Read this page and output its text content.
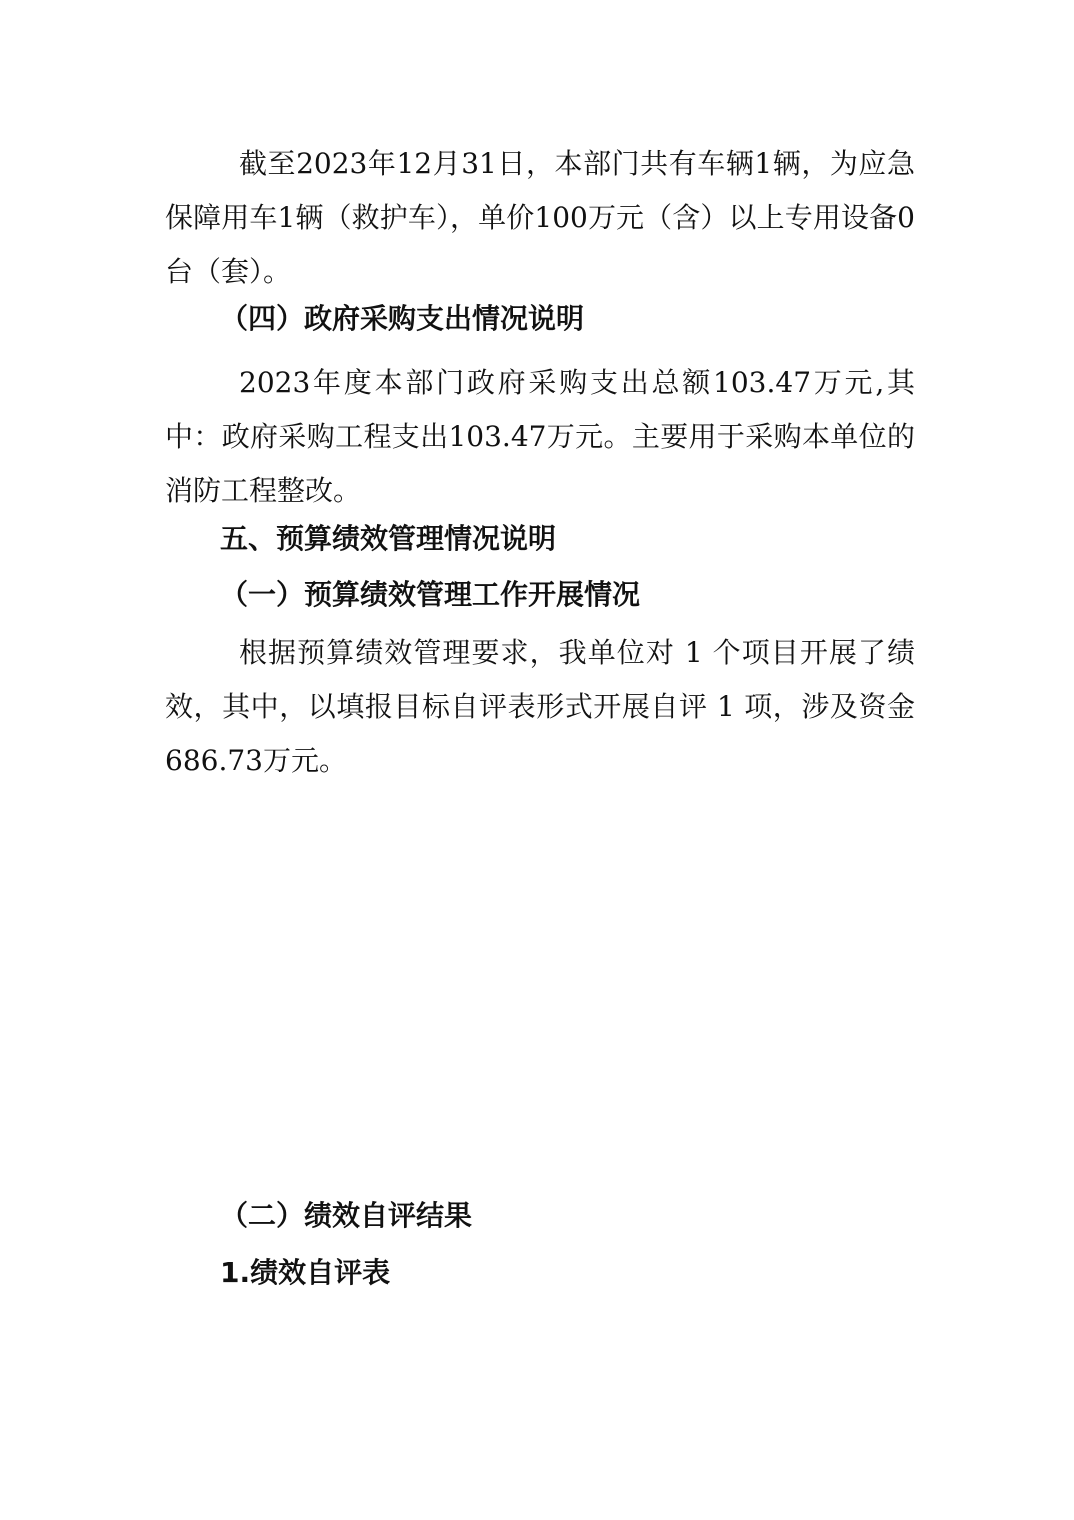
截至2023年12月31日，本部门共有车辆1辆，为应急保障用车1辆（救护车），单价100万元（含）以上专用设备0台（套）。

（四）政府采购支出情况说明

2023年度本部门政府采购支出总额103.47万元,其中：政府采购工程支出103.47万元。主要用于采购本单位的消防工程整改。

五、预算绩效管理情况说明

（一）预算绩效管理工作开展情况

根据预算绩效管理要求，我单位对 1 个项目开展了绩效，其中，以填报目标自评表形式开展自评 1 项，涉及资金686.73万元。

（二）绩效自评结果

1.绩效自评表
